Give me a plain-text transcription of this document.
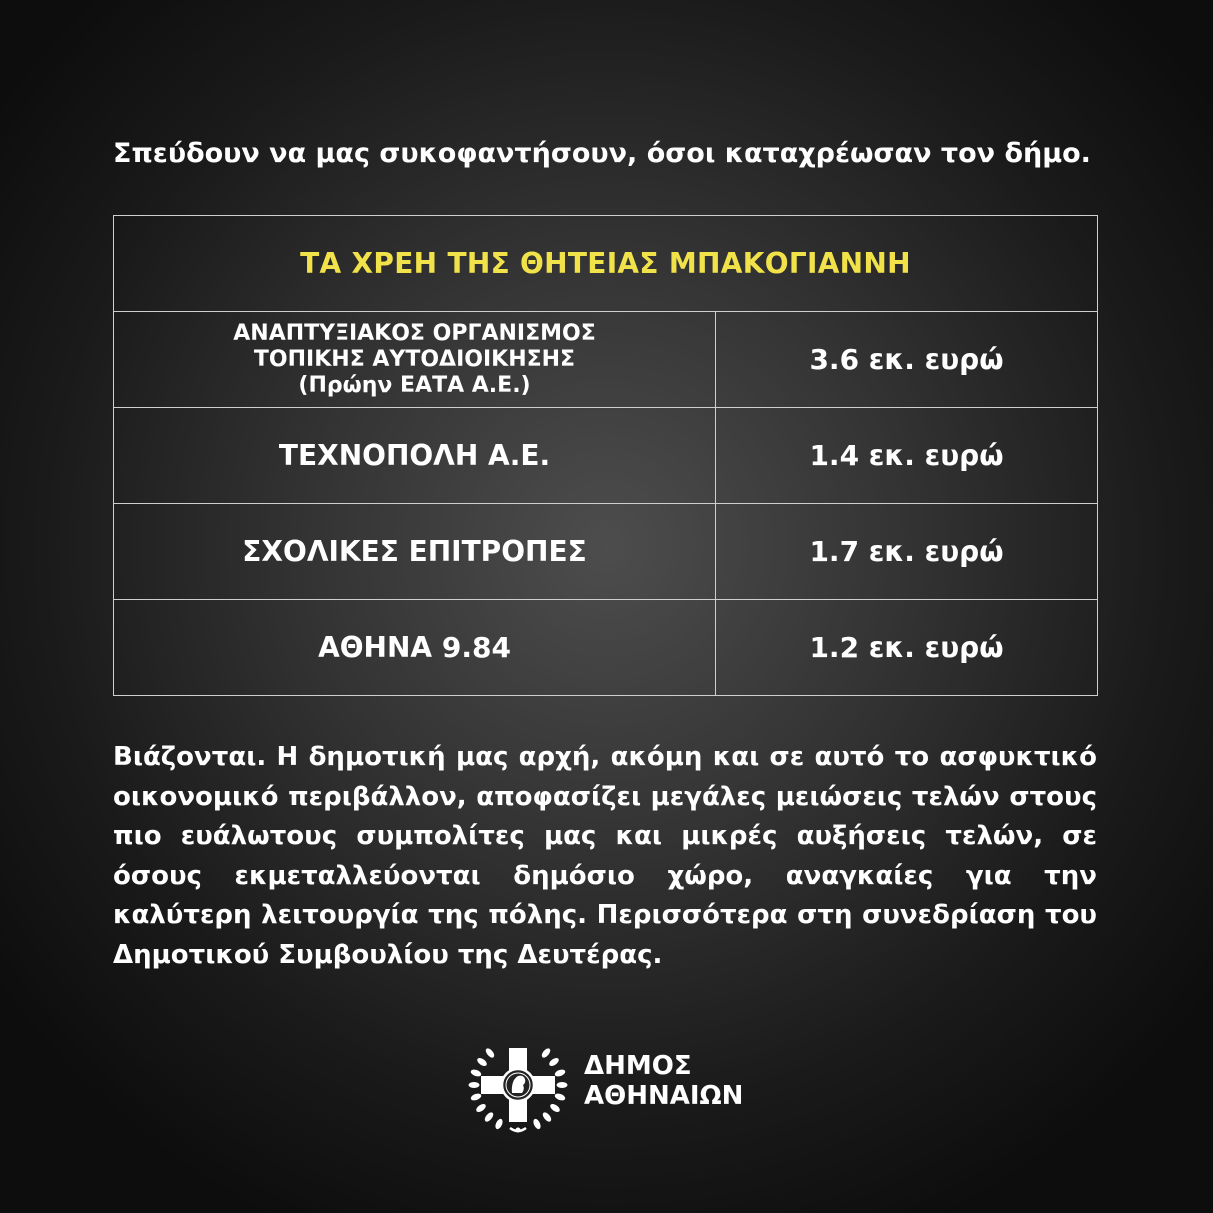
Σπεύδουν να μας συκοφαντήσουν, όσοι καταχρέωσαν τον δήμο.
ΤΑ ΧΡΕΗ ΤΗΣ ΘΗΤΕΙΑΣ ΜΠΑΚΟΓΙΑΝΝΗ	

ΑΝΑΠΤΥΞΙΑΚΟΣ ΟΡΓΑΝΙΣΜΟΣ
ΤΟΠΙΚΗΣ ΑΥΤΟΔΙΟΙΚΗΣΗΣ
(Πρώην ΕΑΤΑ Α.Ε.)	3.6 εκ. ευρώ

ΤΕΧΝΟΠΟΛΗ Α.Ε.	1.4 εκ. ευρώ

ΣΧΟΛΙΚΕΣ ΕΠΙΤΡΟΠΕΣ	1.7 εκ. ευρώ

ΑΘΗΝΑ 9.84	1.2 εκ. ευρώ
Βιάζονται. Η δημοτική μας αρχή, ακόμη και σε αυτό το ασφυκτικό οικονομικό περιβάλλον, αποφασίζει μεγάλες μειώσεις τελών στους πιο ευάλωτους συμπολίτες μας και μικρές αυξήσεις τελών, σε όσους εκμεταλλεύονται δημόσιο χώρο, αναγκαίες για την καλύτερη λειτουργία της πόλης. Περισσότερα στη συνεδρίαση του Δημοτικού Συμβουλίου της Δευτέρας.
ΔΗΜΟΣ
ΑΘΗΝΑΙΩΝ
